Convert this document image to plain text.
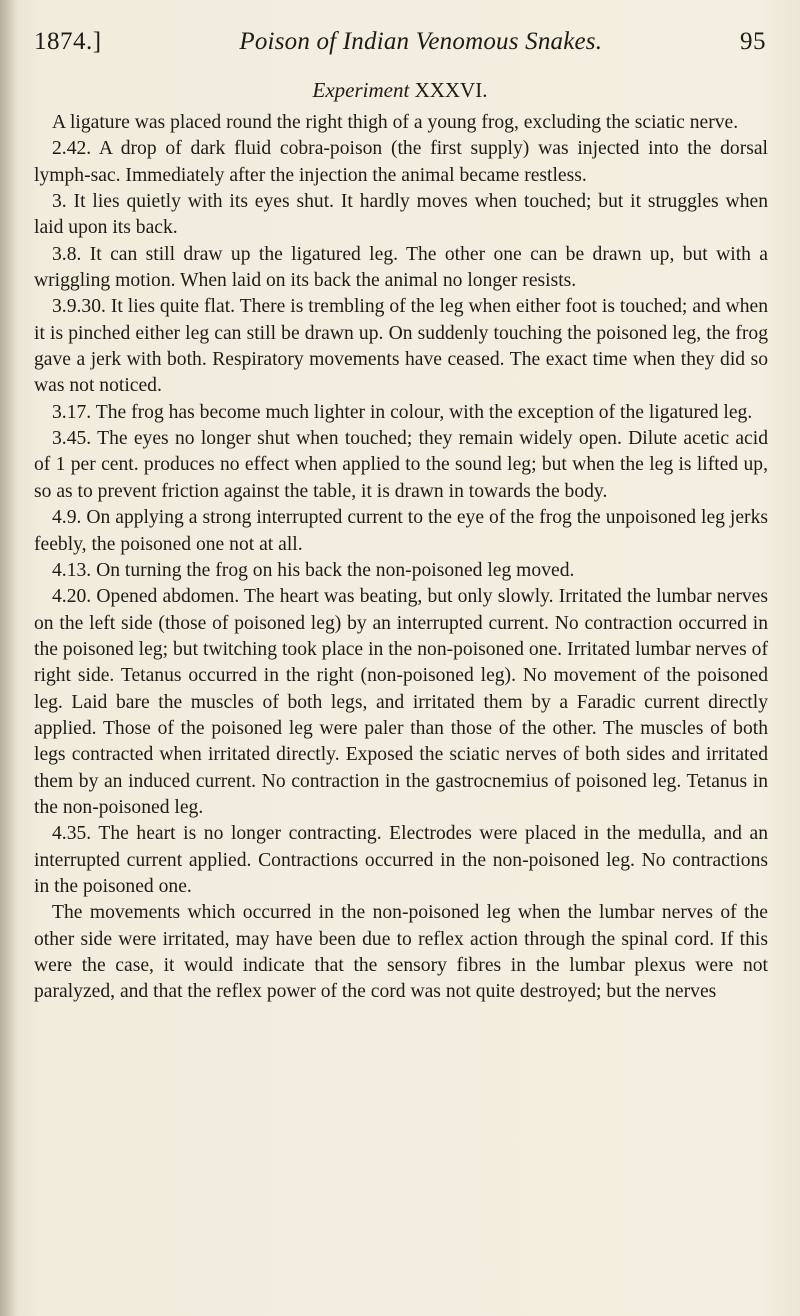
1874.]	Poison of Indian Venomous Snakes.	95
Experiment XXXVI.

A ligature was placed round the right thigh of a young frog, excluding the sciatic nerve.

2.42. A drop of dark fluid cobra-poison (the first supply) was injected into the dorsal lymph-sac. Immediately after the injection the animal became restless.

3. It lies quietly with its eyes shut. It hardly moves when touched; but it struggles when laid upon its back.

3.8. It can still draw up the ligatured leg. The other one can be drawn up, but with a wriggling motion. When laid on its back the animal no longer resists.

3.9.30. It lies quite flat. There is trembling of the leg when either foot is touched; and when it is pinched either leg can still be drawn up. On suddenly touching the poisoned leg, the frog gave a jerk with both. Respiratory movements have ceased. The exact time when they did so was not noticed.

3.17. The frog has become much lighter in colour, with the exception of the ligatured leg.

3.45. The eyes no longer shut when touched; they remain widely open. Dilute acetic acid of 1 per cent. produces no effect when applied to the sound leg; but when the leg is lifted up, so as to prevent friction against the table, it is drawn in towards the body.

4.9. On applying a strong interrupted current to the eye of the frog the unpoisoned leg jerks feebly, the poisoned one not at all.

4.13. On turning the frog on his back the non-poisoned leg moved.

4.20. Opened abdomen. The heart was beating, but only slowly. Irritated the lumbar nerves on the left side (those of poisoned leg) by an interrupted current. No contraction occurred in the poisoned leg; but twitching took place in the non-poisoned one. Irritated lumbar nerves of right side. Tetanus occurred in the right (non-poisoned leg). No movement of the poisoned leg. Laid bare the muscles of both legs, and irritated them by a Faradic current directly applied. Those of the poisoned leg were paler than those of the other. The muscles of both legs contracted when irritated directly. Exposed the sciatic nerves of both sides and irritated them by an induced current. No contraction in the gastrocnemius of poisoned leg. Tetanus in the non-poisoned leg.

4.35. The heart is no longer contracting. Electrodes were placed in the medulla, and an interrupted current applied. Contractions occurred in the non-poisoned leg. No contractions in the poisoned one.

The movements which occurred in the non-poisoned leg when the lumbar nerves of the other side were irritated, may have been due to reflex action through the spinal cord. If this were the case, it would indicate that the sensory fibres in the lumbar plexus were not paralyzed, and that the reflex power of the cord was not quite destroyed; but the nerves
